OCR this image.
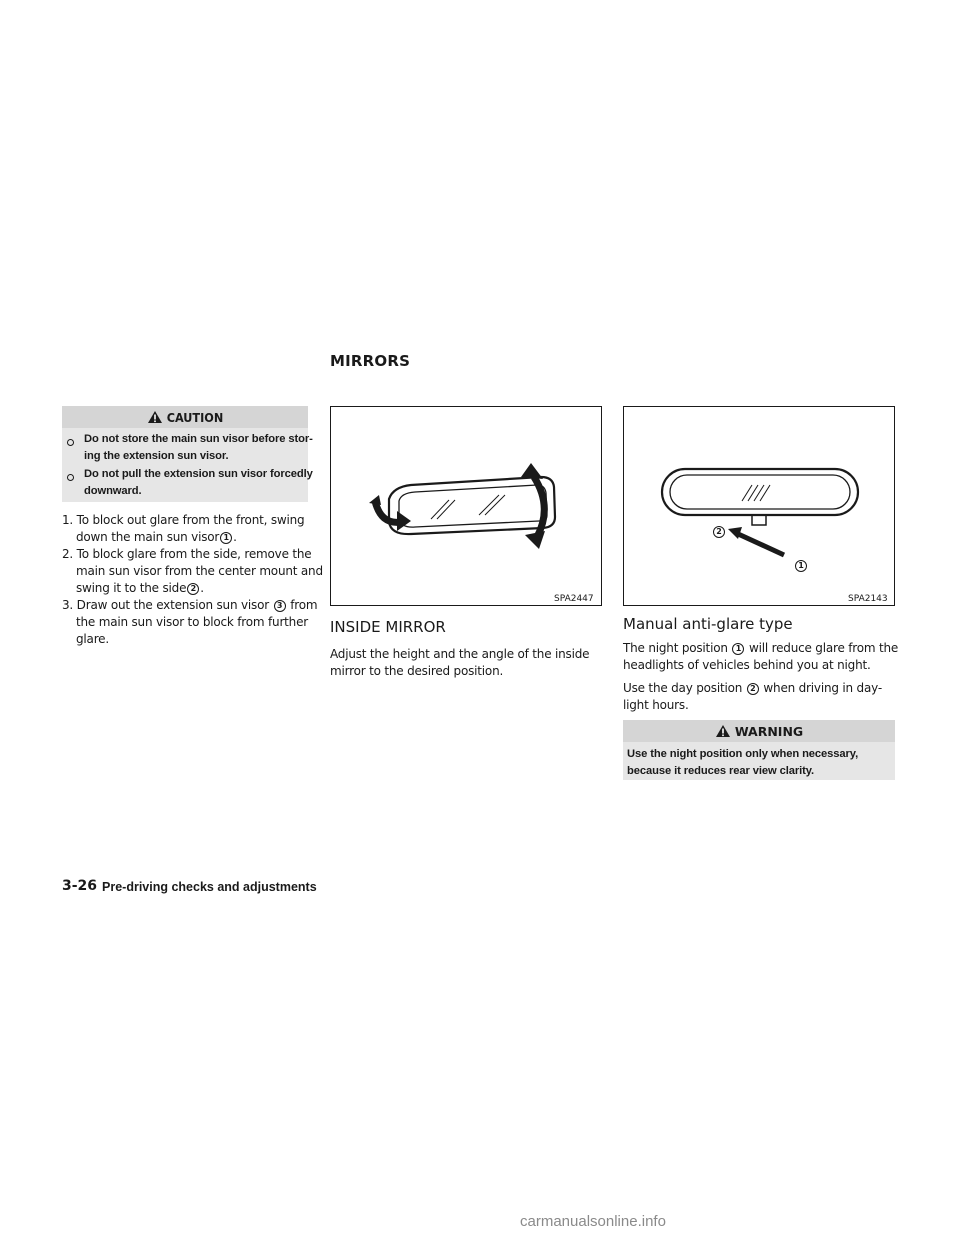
MIRRORS
CAUTION
Do not store the main sun visor before stor-
ing the extension sun visor.
Do not pull the extension sun visor forcedly
downward.
1. To block out glare from the front, swing
down the main sun visor 1 .
2. To block glare from the side, remove the
main sun visor from the center mount and
swing it to the side 2 .
3. Draw out the extension sun visor 3 from
the main sun visor to block from further
glare.
SPA2447
2
1
SPA2143
INSIDE MIRROR
Adjust the height and the angle of the inside
mirror to the desired position.
Manual anti-glare type
The night position 1 will reduce glare from the
headlights of vehicles behind you at night.
Use the day position 2 when driving in day-
light hours.
WARNING
Use the night position only when necessary,
because it reduces rear view clarity.
3-26 Pre-driving checks and adjustments
carmanualsonline.info
